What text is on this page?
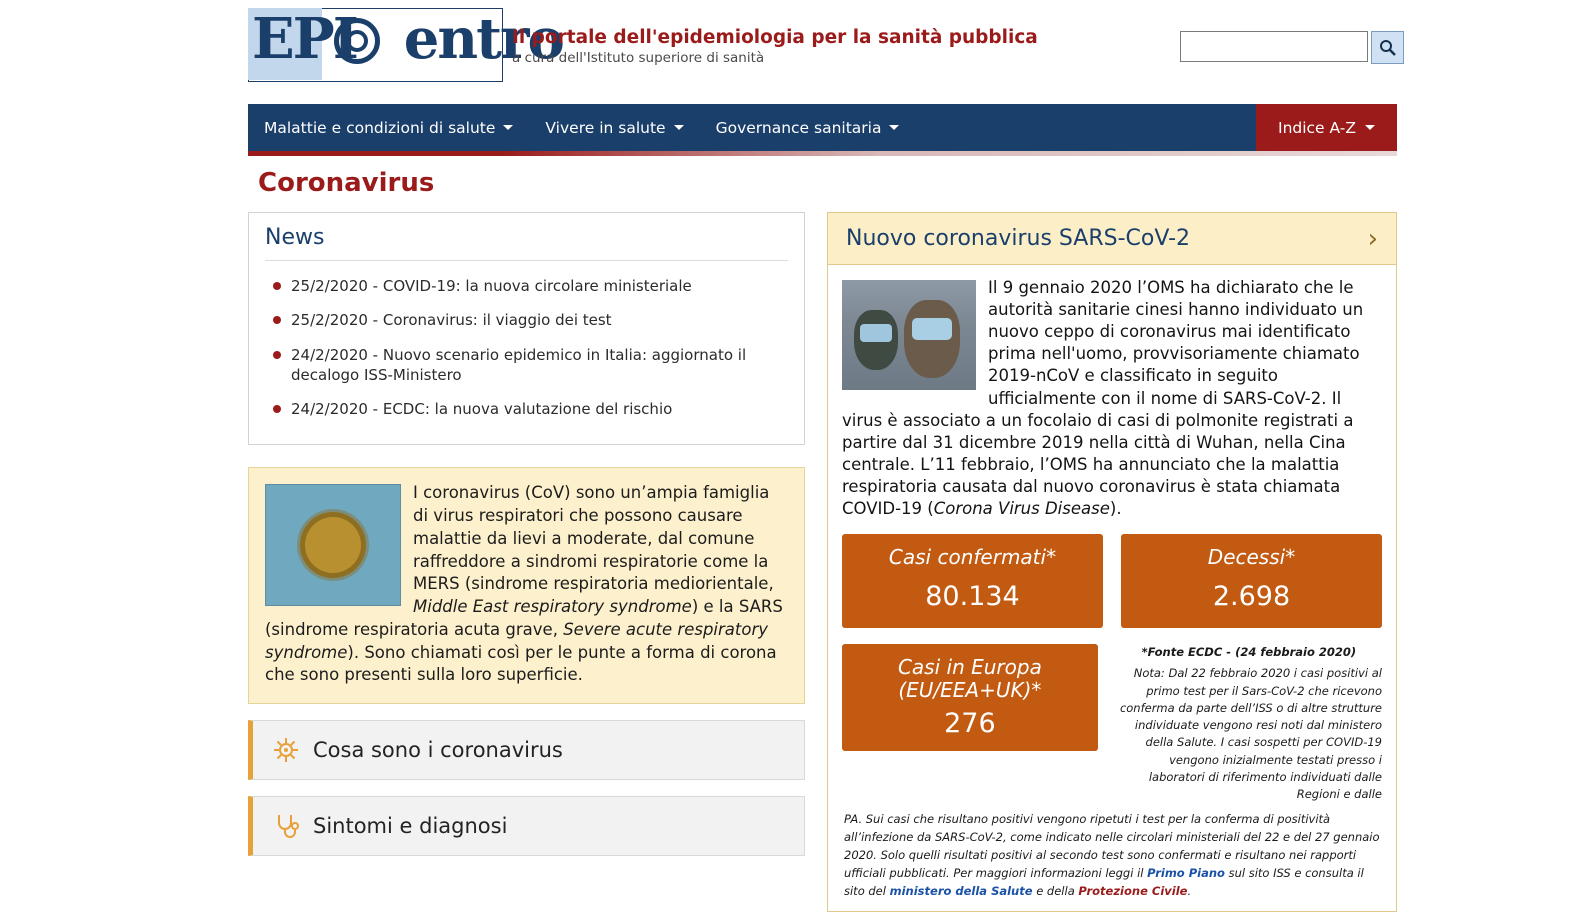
EPI entro
Il portale dell'epidemiologia per la sanità pubblica
a cura dell'Istituto superiore di sanità
Malattie e condizioni di salute	Vivere in salute	Governance sanitaria	Indice A-Z
Coronavirus
News
25/2/2020 - COVID-19: la nuova circolare ministeriale
25/2/2020 - Coronavirus: il viaggio dei test
24/2/2020 - Nuovo scenario epidemico in Italia: aggiornato il decalogo ISS-Ministero
24/2/2020 - ECDC: la nuova valutazione del rischio
I coronavirus (CoV) sono un’ampia famiglia di virus respiratori che possono causare malattie da lievi a moderate, dal comune raffreddore a sindromi respiratorie come la MERS (sindrome respiratoria mediorientale, Middle East respiratory syndrome) e la SARS (sindrome respiratoria acuta grave, Severe acute respiratory syndrome). Sono chiamati così per le punte a forma di corona che sono presenti sulla loro superficie.
Cosa sono i coronavirus
Sintomi e diagnosi
Nuovo coronavirus SARS-CoV-2	›
Il 9 gennaio 2020 l’OMS ha dichiarato che le autorità sanitarie cinesi hanno individuato un nuovo ceppo di coronavirus mai identificato prima nell'uomo, provvisoriamente chiamato 2019-nCoV e classificato in seguito ufficialmente con il nome di SARS-CoV-2. Il virus è associato a un focolaio di casi di polmonite registrati a partire dal 31 dicembre 2019 nella città di Wuhan, nella Cina centrale. L’11 febbraio, l’OMS ha annunciato che la malattia respiratoria causata dal nuovo coronavirus è stata chiamata COVID-19 (Corona Virus Disease).
Casi confermati*
80.134
Decessi*
2.698
Casi in Europa
(EU/EEA+UK)*
276
*Fonte ECDC - (24 febbraio 2020)
Nota: Dal 22 febbraio 2020 i casi positivi al primo test per il Sars-CoV-2 che ricevono conferma da parte dell’ISS o di altre strutture individuate vengono resi noti dal ministero della Salute. I casi sospetti per COVID-19 vengono inizialmente testati presso i laboratori di riferimento individuati dalle Regioni e dalle
PA. Sui casi che risultano positivi vengono ripetuti i test per la conferma di positività all’infezione da SARS-CoV-2, come indicato nelle circolari ministeriali del 22 e del 27 gennaio 2020. Solo quelli risultati positivi al secondo test sono confermati e risultano nei rapporti ufficiali pubblicati. Per maggiori informazioni leggi il Primo Piano sul sito ISS e consulta il sito del ministero della Salute e della Protezione Civile.
